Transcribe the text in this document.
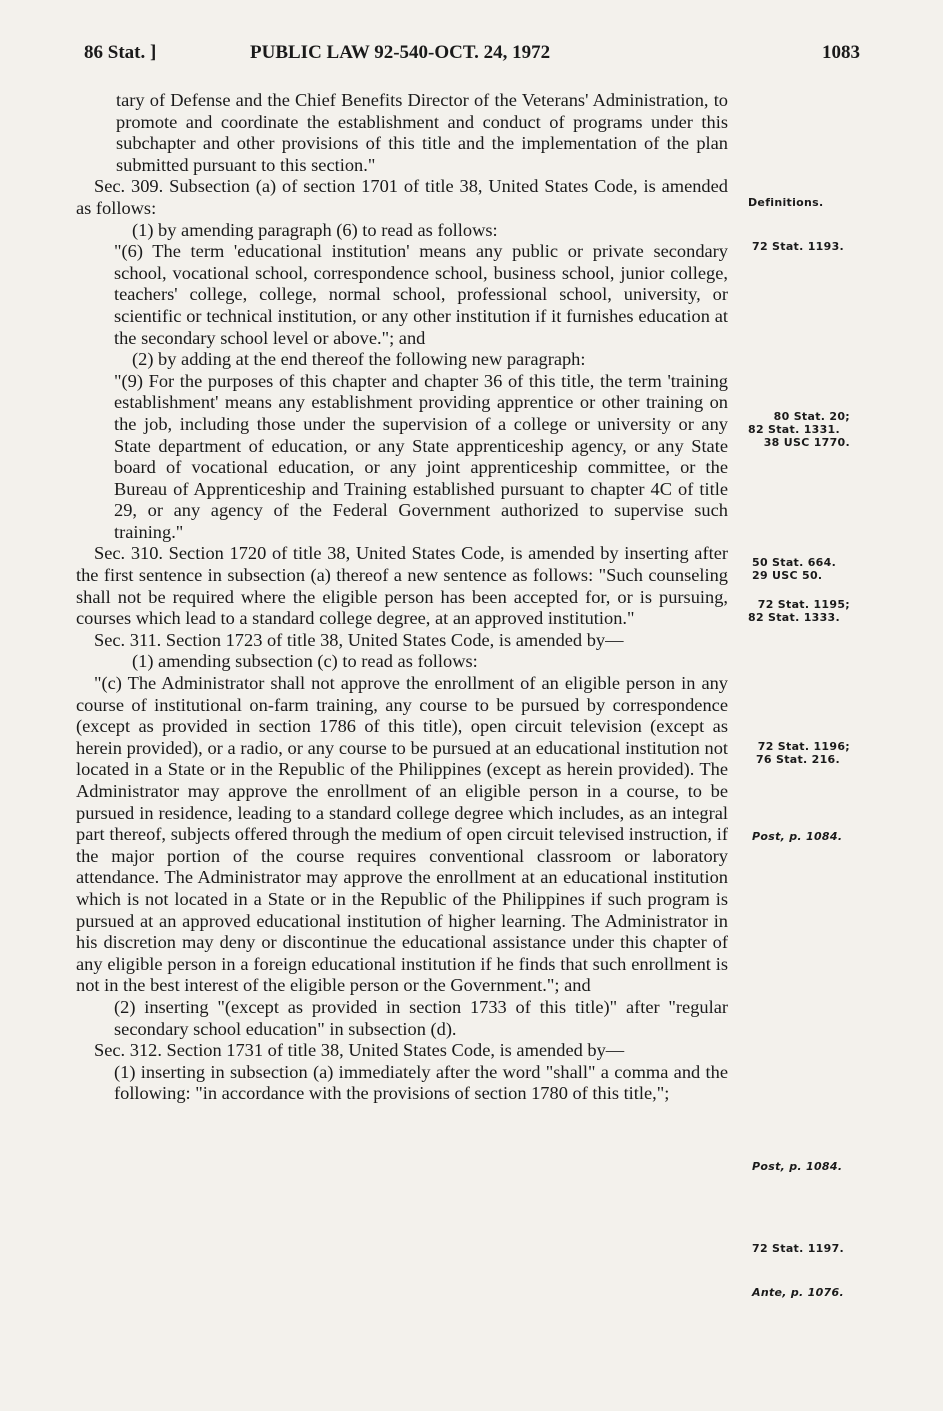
86 Stat. ]	PUBLIC LAW 92-540-OCT. 24, 1972	1083

tary of Defense and the Chief Benefits Director of the Veterans' Administration, to promote and coordinate the establishment and conduct of programs under this subchapter and other provisions of this title and the implementation of the plan submitted pursuant to this section."

Sec. 309. Subsection (a) of section 1701 of title 38, United States Code, is amended as follows:

(1) by amending paragraph (6) to read as follows:

"(6) The term 'educational institution' means any public or private secondary school, vocational school, correspondence school, business school, junior college, teachers' college, college, normal school, professional school, university, or scientific or technical institution, or any other institution if it furnishes education at the secondary school level or above."; and

(2) by adding at the end thereof the following new paragraph:

"(9) For the purposes of this chapter and chapter 36 of this title, the term 'training establishment' means any establishment providing apprentice or other training on the job, including those under the supervision of a college or university or any State department of education, or any State apprenticeship agency, or any State board of vocational education, or any joint apprenticeship committee, or the Bureau of Apprenticeship and Training established pursuant to chapter 4C of title 29, or any agency of the Federal Government authorized to supervise such training."

Sec. 310. Section 1720 of title 38, United States Code, is amended by inserting after the first sentence in subsection (a) thereof a new sentence as follows: "Such counseling shall not be required where the eligible person has been accepted for, or is pursuing, courses which lead to a standard college degree, at an approved institution."

Sec. 311. Section 1723 of title 38, United States Code, is amended by—

(1) amending subsection (c) to read as follows:

"(c) The Administrator shall not approve the enrollment of an eligible person in any course of institutional on-farm training, any course to be pursued by correspondence (except as provided in section 1786 of this title), open circuit television (except as herein provided), or a radio, or any course to be pursued at an educational institution not located in a State or in the Republic of the Philippines (except as herein provided). The Administrator may approve the enrollment of an eligible person in a course, to be pursued in residence, leading to a standard college degree which includes, as an integral part thereof, subjects offered through the medium of open circuit televised instruction, if the major portion of the course requires conventional classroom or laboratory attendance. The Administrator may approve the enrollment at an educational institution which is not located in a State or in the Republic of the Philippines if such program is pursued at an approved educational institution of higher learning. The Administrator in his discretion may deny or discontinue the educational assistance under this chapter of any eligible person in a foreign educational institution if he finds that such enrollment is not in the best interest of the eligible person or the Government."; and

(2) inserting "(except as provided in section 1733 of this title)" after "regular secondary school education" in subsection (d).

Sec. 312. Section 1731 of title 38, United States Code, is amended by—

(1) inserting in subsection (a) immediately after the word "shall" a comma and the following: "in accordance with the provisions of section 1780 of this title,";

Definitions.
72 Stat. 1193.
80 Stat. 20;
82 Stat. 1331.
38 USC 1770.
50 Stat. 664.
29 USC 50.
72 Stat. 1195;
82 Stat. 1333.
72 Stat. 1196;
76 Stat. 216.
Post, p. 1084.
Post, p. 1084.
72 Stat. 1197.
Ante, p. 1076.
